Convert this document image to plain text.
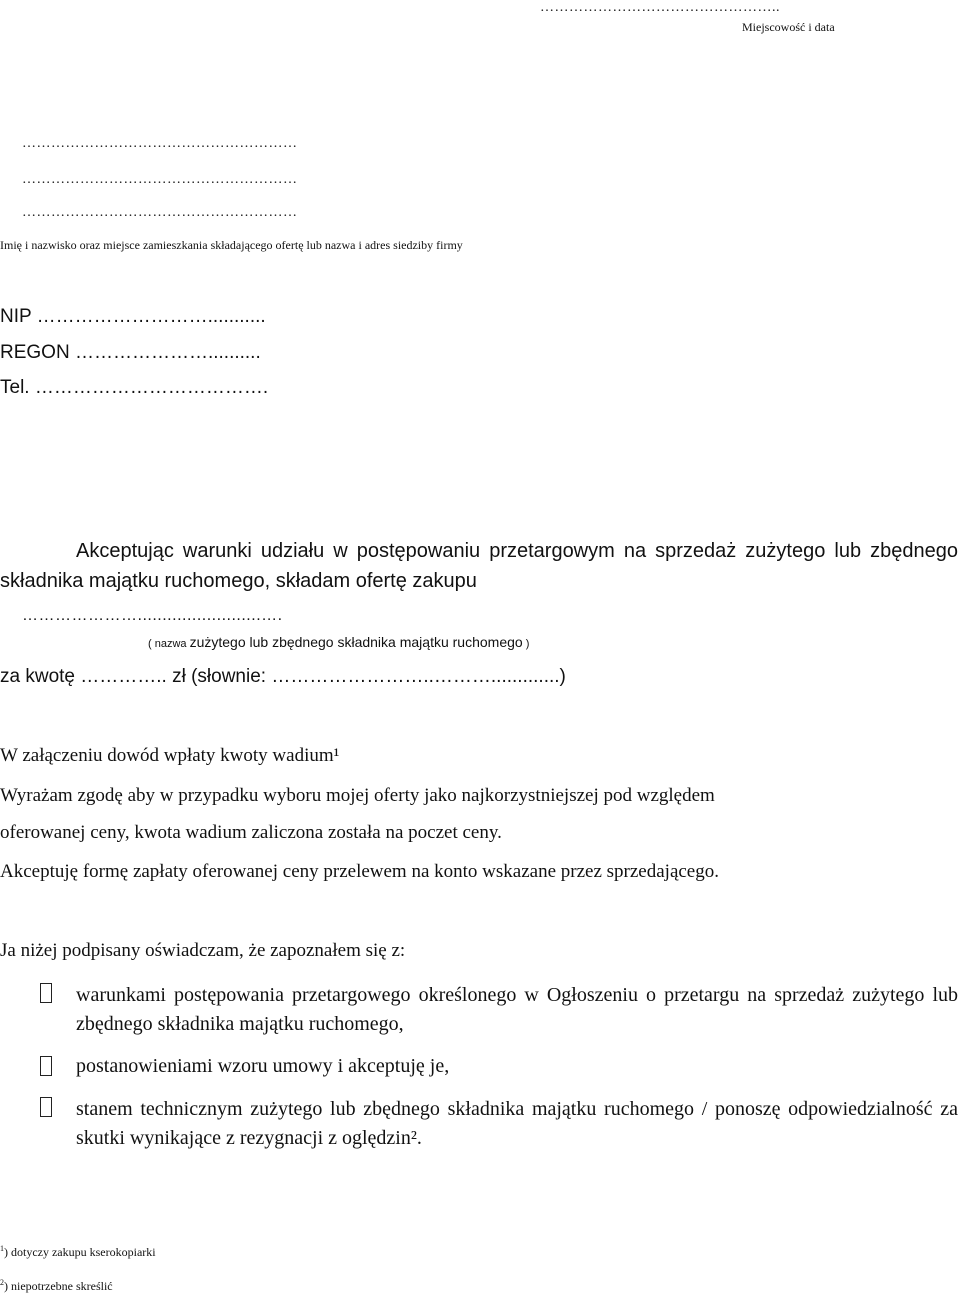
…………………………………………..
Miejscowość i data
…………………………………………………
…………………………………………………
…………………………………………………
Imię i nazwisko oraz miejsce zamieszkania składającego ofertę lub nazwa i adres siedziby firmy
NIP ………………………...........
REGON …………………..........
Tel. ……………………………….
Akceptując warunki udziału w postępowaniu przetargowym na sprzedaż zużytego lub zbędnego składnika majątku ruchomego, składam ofertę zakupu
………………….........................….
( nazwa zużytego lub zbędnego składnika majątku ruchomego )
za kwotę ………….. zł (słownie: ……………………..……….............)
W załączeniu dowód wpłaty kwoty wadium¹
Wyrażam zgodę aby w przypadku wyboru mojej oferty jako najkorzystniejszej pod względem
oferowanej ceny, kwota wadium zaliczona została na poczet ceny.
Akceptuję formę zapłaty oferowanej ceny przelewem na konto wskazane przez sprzedającego.
Ja niżej podpisany oświadczam, że zapoznałem się z:
warunkami postępowania przetargowego określonego w Ogłoszeniu o przetargu na sprzedaż zużytego lub zbędnego składnika majątku ruchomego,
postanowieniami wzoru umowy i akceptuję je,
stanem technicznym zużytego lub zbędnego składnika majątku ruchomego / ponoszę odpowiedzialność za skutki wynikające z rezygnacji z oględzin².
$^1$) dotyczy zakupu kserokopiarki
$^2$) niepotrzebne skreślić
